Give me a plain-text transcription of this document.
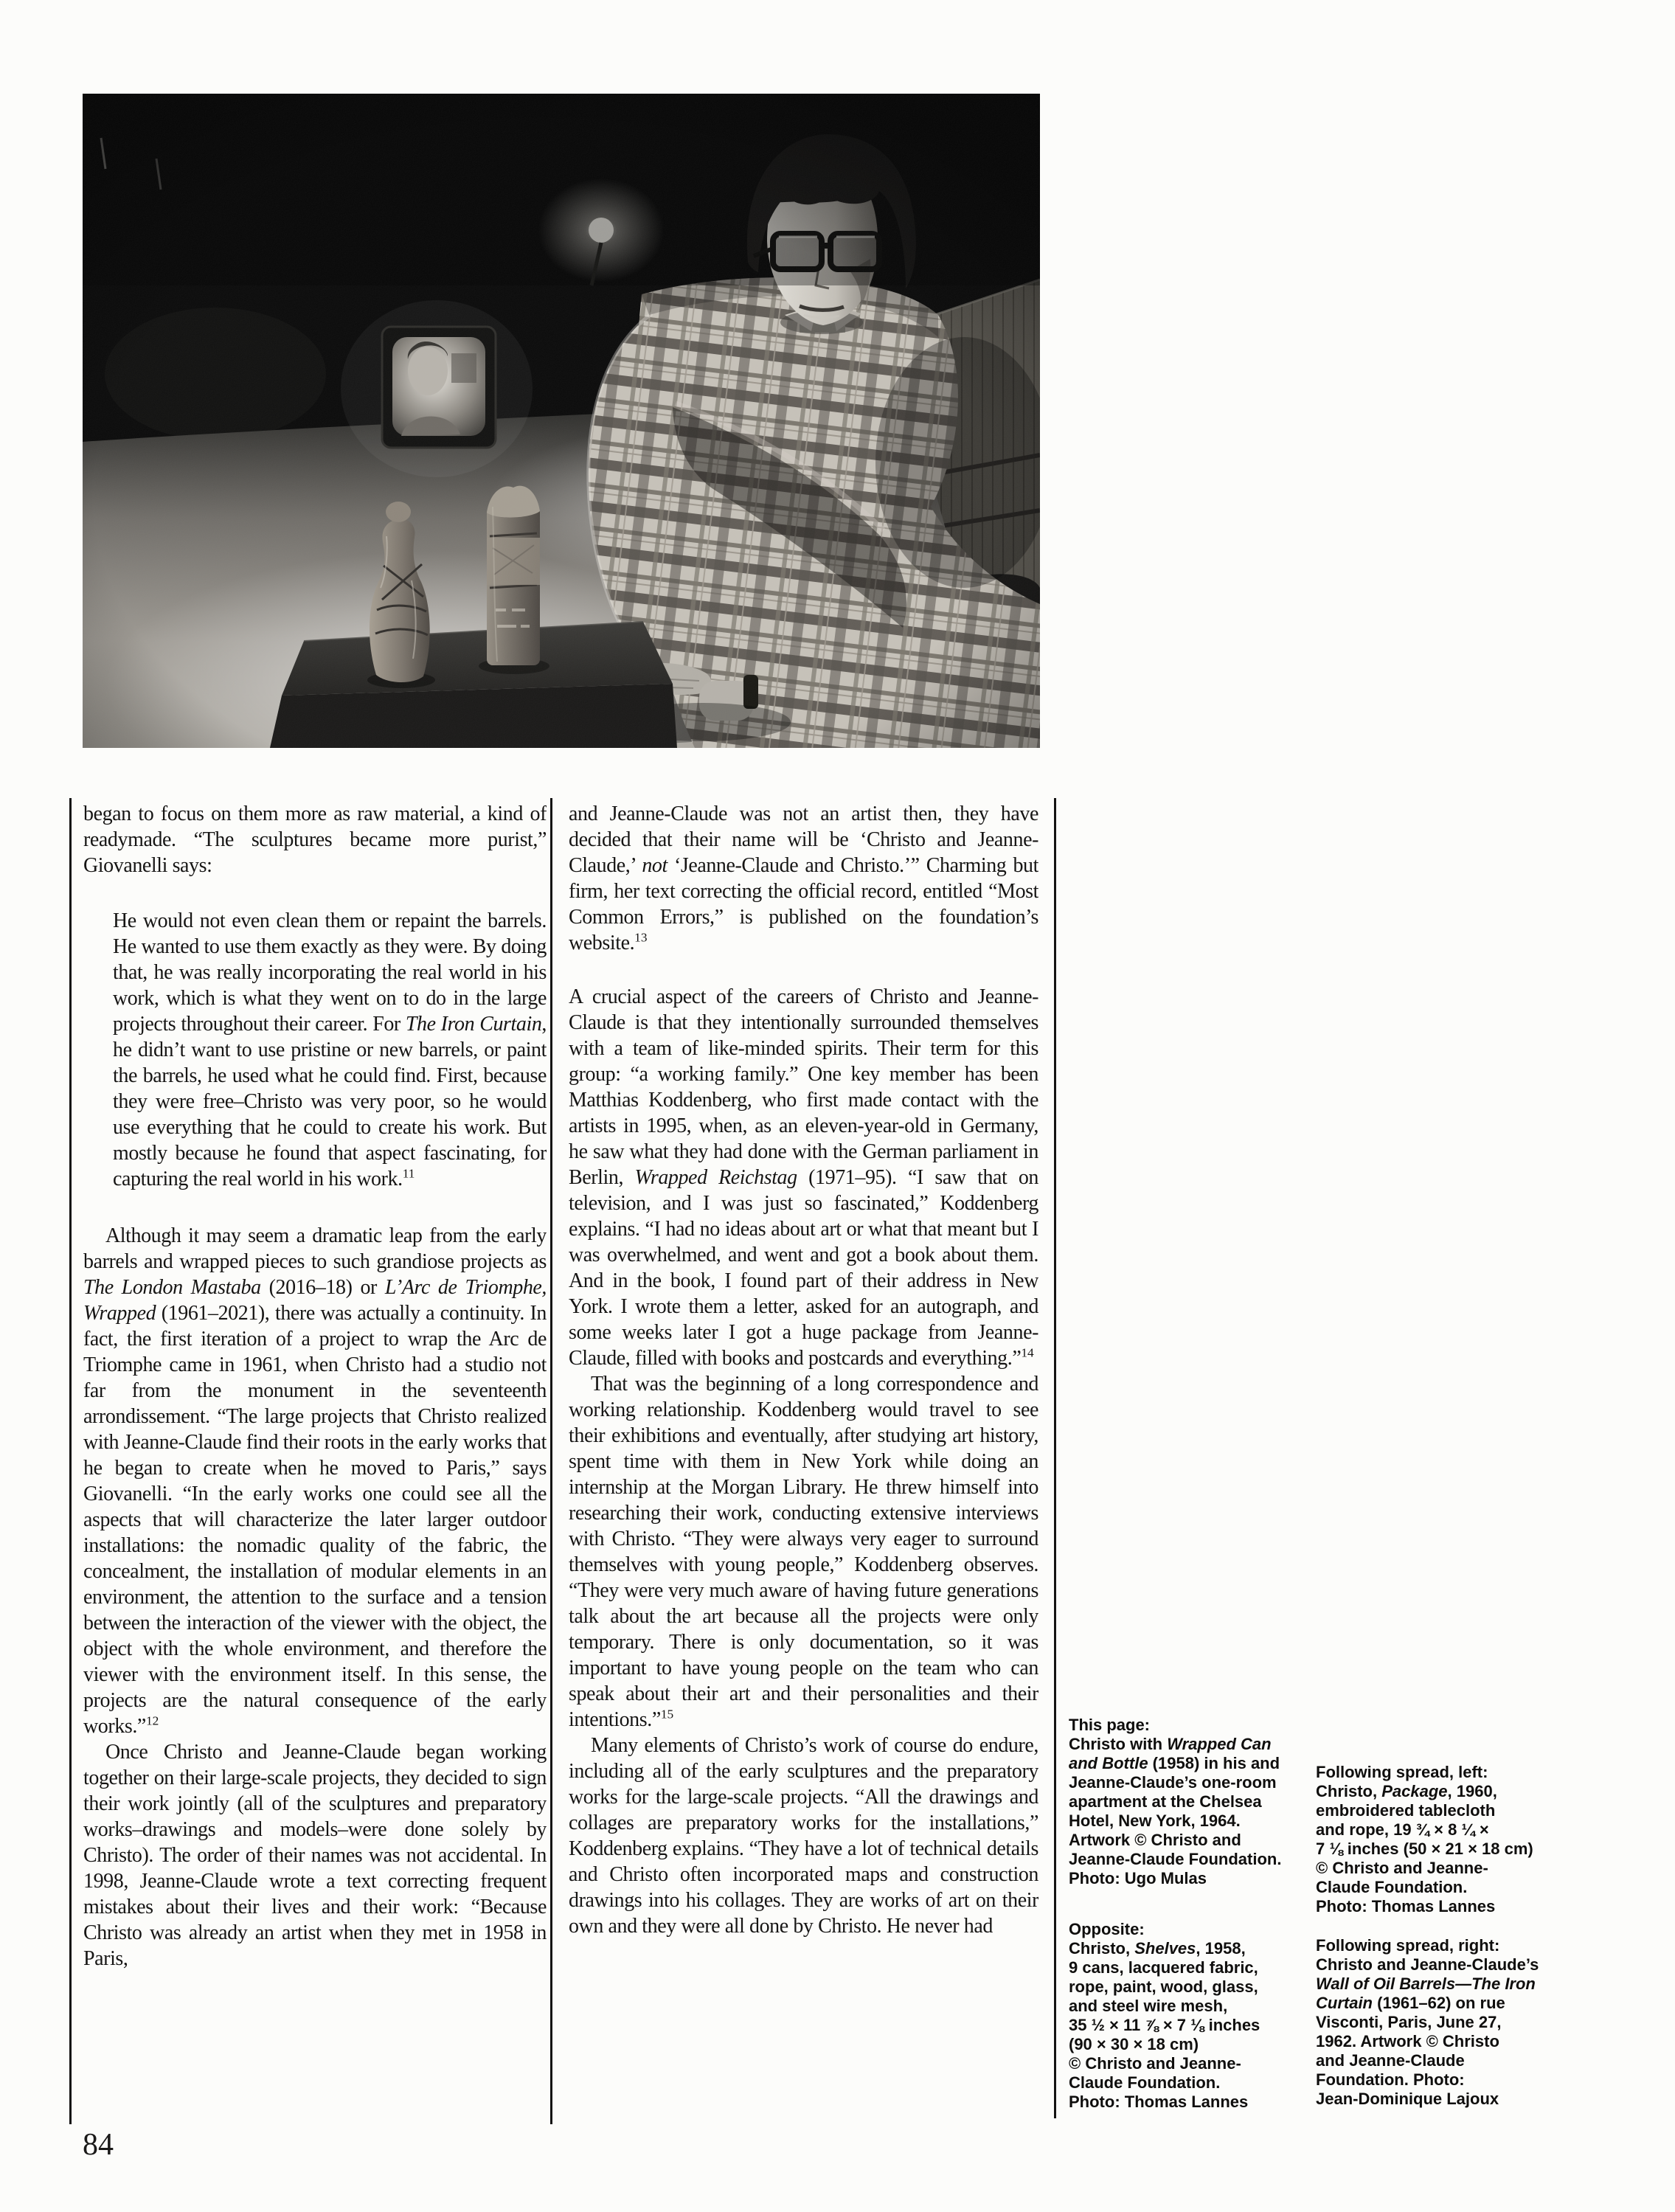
began to focus on them more as raw material, a kind of readymade. “The sculptures became more purist,” Giovanelli says:

He would not even clean them or repaint the barrels. He wanted to use them exactly as they were. By doing that, he was really incorporating the real world in his work, which is what they went on to do in the large projects throughout their career. For The Iron Curtain, he didn’t want to use pristine or new barrels, or paint the barrels, he used what he could find. First, because they were free–Christo was very poor, so he would use everything that he could to create his work. But mostly because he found that aspect fascinating, for capturing the real world in his work.$^{11}$

Although it may seem a dramatic leap from the early barrels and wrapped pieces to such grandiose projects as The London Mastaba (2016–18) or L’Arc de Triomphe, Wrapped (1961–2021), there was actually a continuity. In fact, the first iteration of a project to wrap the Arc de Triomphe came in 1961, when Christo had a studio not far from the monument in the seventeenth arrondissement. “The large projects that Christo realized with Jeanne-Claude find their roots in the early works that he began to create when he moved to Paris,” says Giovanelli. “In the early works one could see all the aspects that will characterize the later larger outdoor installations: the nomadic quality of the fabric, the concealment, the installation of modular elements in an environment, the attention to the surface and a tension between the interaction of the viewer with the object, the object with the whole environment, and therefore the viewer with the environment itself. In this sense, the projects are the natural consequence of the early works.”$^{12}$

Once Christo and Jeanne-Claude began working together on their large-scale projects, they decided to sign their work jointly (all of the sculptures and preparatory works–drawings and models–were done solely by Christo). The order of their names was not accidental. In 1998, Jeanne-Claude wrote a text correcting frequent mistakes about their lives and their work: “Because Christo was already an artist when they met in 1958 in Paris,

and Jeanne-Claude was not an artist then, they have decided that their name will be ‘Christo and Jeanne-Claude,’ not ‘Jeanne-Claude and Christo.’” Charming but firm, her text correcting the official record, entitled “Most Common Errors,” is published on the foundation’s website.$^{13}$

A crucial aspect of the careers of Christo and Jeanne-Claude is that they intentionally surrounded themselves with a team of like-minded spirits. Their term for this group: “a working family.” One key member has been Matthias Koddenberg, who first made contact with the artists in 1995, when, as an eleven-year-old in Germany, he saw what they had done with the German parliament in Berlin, Wrapped Reichstag (1971–95). “I saw that on television, and I was just so fascinated,” Koddenberg explains. “I had no ideas about art or what that meant but I was overwhelmed, and went and got a book about them. And in the book, I found part of their address in New York. I wrote them a letter, asked for an autograph, and some weeks later I got a huge package from Jeanne-Claude, filled with books and postcards and everything.”$^{14}$

That was the beginning of a long correspondence and working relationship. Koddenberg would travel to see their exhibitions and eventually, after studying art history, spent time with them in New York while doing an internship at the Morgan Library. He threw himself into researching their work, conducting extensive interviews with Christo. “They were always very eager to surround themselves with young people,” Koddenberg observes. “They were very much aware of having future generations talk about the art because all the projects were only temporary. There is only documentation, so it was important to have young people on the team who can speak about their art and their personalities and their intentions.”$^{15}$

Many elements of Christo’s work of course do endure, including all of the early sculptures and the preparatory works for the large-scale projects. “All the drawings and collages are preparatory works for the installations,” Koddenberg explains. “They have a lot of technical details and Christo often incorporated maps and construction drawings into his collages. They are works of art on their own and they were all done by Christo. He never had

This page:
Christo with Wrapped Can
and Bottle (1958) in his and
Jeanne-Claude’s one-room
apartment at the Chelsea
Hotel, New York, 1964.
Artwork © Christo and
Jeanne-Claude Foundation.
Photo: Ugo Mulas
Opposite:
Christo, Shelves, 1958,
9 cans, lacquered fabric,
rope, paint, wood, glass,
and steel wire mesh,
35 ½ × 11 ⅞ × 7 ⅛ inches
(90 × 30 × 18 cm)
© Christo and Jeanne-
Claude Foundation.
Photo: Thomas Lannes
Following spread, left:
Christo, Package, 1960,
embroidered tablecloth
and rope, 19 ¾ × 8 ¼ ×
7 ⅛ inches (50 × 21 × 18 cm)
© Christo and Jeanne-
Claude Foundation.
Photo: Thomas Lannes
Following spread, right:
Christo and Jeanne-Claude’s
Wall of Oil Barrels—The Iron
Curtain (1961–62) on rue
Visconti, Paris, June 27,
1962. Artwork © Christo
and Jeanne-Claude
Foundation. Photo:
Jean-Dominique Lajoux
84
